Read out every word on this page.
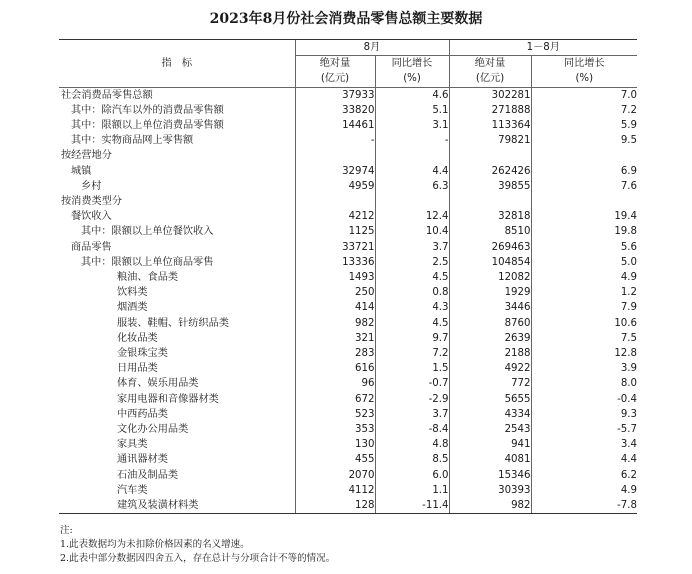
2023年8月份社会消费品零售总额主要数据
指　标	8月		1－8月	
	绝对量	同比增长	绝对量	同比增长
	(亿元)	(%)	(亿元)	(%)
社会消费品零售总额	37933	4.6	302281	7.0
其中：除汽车以外的消费品零售额	33820	5.1	271888	7.2
其中：限额以上单位消费品零售额	14461	3.1	113364	5.9
其中：实物商品网上零售额	-	-	79821	9.5
按经营地分				
城镇	32974	4.4	262426	6.9
乡村	4959	6.3	39855	7.6
按消费类型分				
餐饮收入	4212	12.4	32818	19.4
其中：限额以上单位餐饮收入	1125	10.4	8510	19.8
商品零售	33721	3.7	269463	5.6
其中：限额以上单位商品零售	13336	2.5	104854	5.0
粮油、食品类	1493	4.5	12082	4.9
饮料类	250	0.8	1929	1.2
烟酒类	414	4.3	3446	7.9
服装、鞋帽、针纺织品类	982	4.5	8760	10.6
化妆品类	321	9.7	2639	7.5
金银珠宝类	283	7.2	2188	12.8
日用品类	616	1.5	4922	3.9
体育、娱乐用品类	96	-0.7	772	8.0
家用电器和音像器材类	672	-2.9	5655	-0.4
中西药品类	523	3.7	4334	9.3
文化办公用品类	353	-8.4	2543	-5.7
家具类	130	4.8	941	3.4
通讯器材类	455	8.5	4081	4.4
石油及制品类	2070	6.0	15346	6.2
汽车类	4112	1.1	30393	4.9
建筑及装潢材料类	128	-11.4	982	-7.8
注:
1.此表数据均为未扣除价格因素的名义增速。
2.此表中部分数据因四舍五入，存在总计与分项合计不等的情况。
